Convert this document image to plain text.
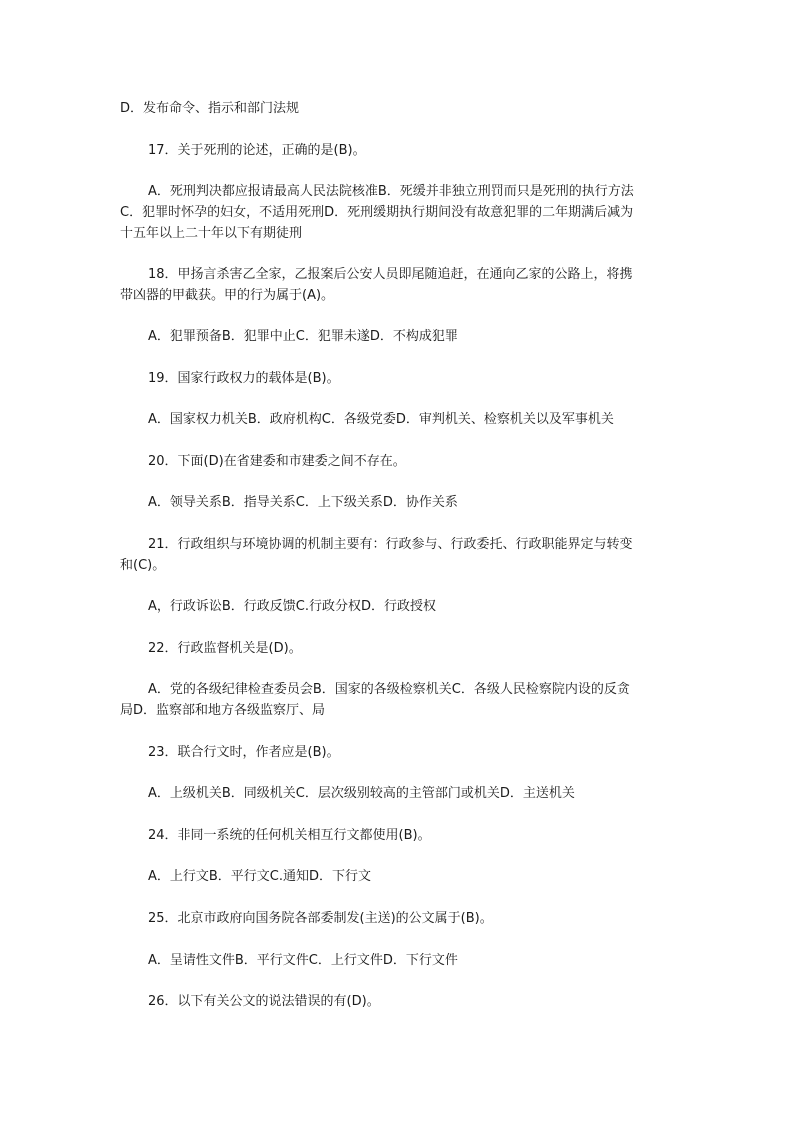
D．发布命令、指示和部门法规
17．关于死刑的论述，正确的是(B)。
A．死刑判决都应报请最高人民法院核准B．死缓并非独立刑罚而只是死刑的执行方法
C．犯罪时怀孕的妇女，不适用死刑D．死刑缓期执行期间没有故意犯罪的二年期满后减为
十五年以上二十年以下有期徒刑
18．甲扬言杀害乙全家，乙报案后公安人员即尾随追赶，在通向乙家的公路上，将携
带凶器的甲截获。甲的行为属于(A)。
A．犯罪预备B．犯罪中止C．犯罪未遂D．不构成犯罪
19．国家行政权力的载体是(B)。
A．国家权力机关B．政府机构C．各级党委D．审判机关、检察机关以及军事机关
20．下面(D)在省建委和市建委之间不存在。
A．领导关系B．指导关系C．上下级关系D．协作关系
21．行政组织与环境协调的机制主要有：行政参与、行政委托、行政职能界定与转变
和(C)。
A，行政诉讼B．行政反馈C.行政分权D．行政授权
22．行政监督机关是(D)。
A．党的各级纪律检查委员会B．国家的各级检察机关C．各级人民检察院内设的反贪
局D．监察部和地方各级监察厅、局
23．联合行文时，作者应是(B)。
A．上级机关B．同级机关C．层次级别较高的主管部门或机关D．主送机关
24．非同一系统的任何机关相互行文都使用(B)。
A．上行文B．平行文C.通知D．下行文
25．北京市政府向国务院各部委制发(主送)的公文属于(B)。
A．呈请性文件B．平行文件C．上行文件D．下行文件
26．以下有关公文的说法错误的有(D)。
